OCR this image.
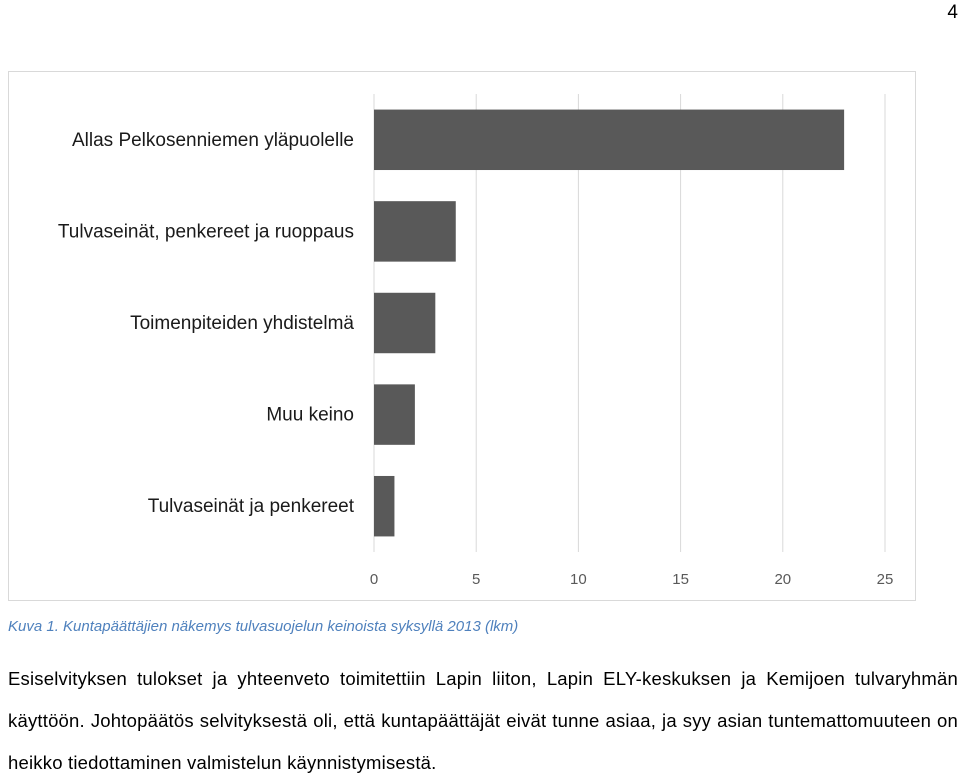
4
0	5	10	15	20	25
Allas Pelkosenniemen yläpuolelle
Tulvaseinät, penkereet ja ruoppaus
Toimenpiteiden yhdistelmä
Muu keino
Tulvaseinät ja penkereet
Kuva 1. Kuntapäättäjien näkemys tulvasuojelun keinoista syksyllä 2013 (lkm)
Esiselvityksen tulokset ja yhteenveto toimitettiin Lapin liiton, Lapin ELY-keskuksen ja Kemijoen tulvaryhmän käyttöön. Johtopäätös selvityksestä oli, että kuntapäättäjät eivät tunne asiaa, ja syy asian tuntemattomuuteen on heikko tiedottaminen valmistelun käynnistymisestä.
